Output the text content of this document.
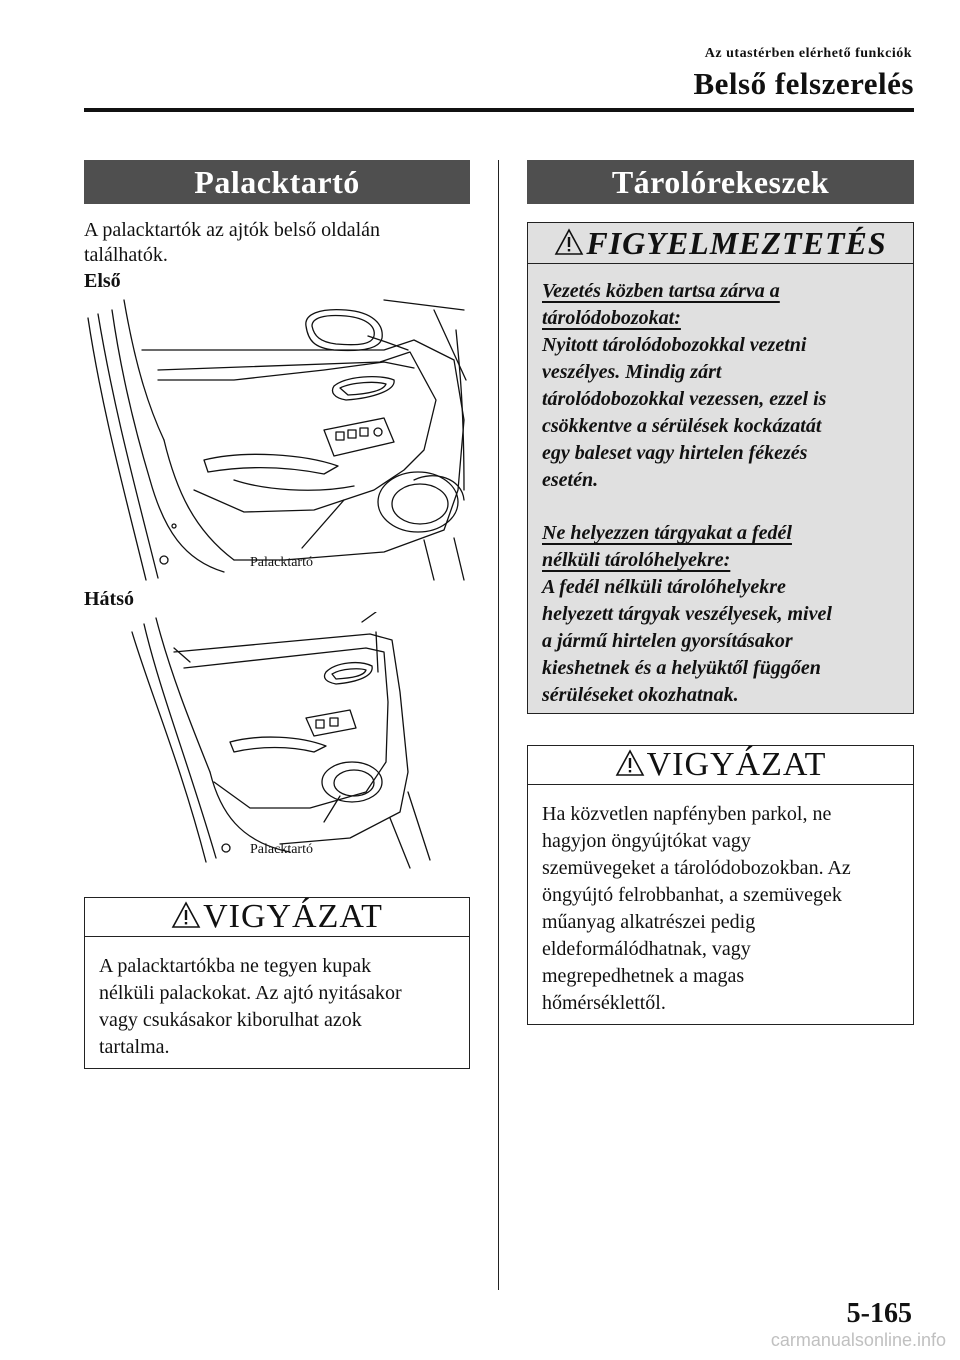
Az utastérben elérhető funkciók
Belső felszerelés
Palacktartó
A palacktartók az ajtók belső oldalán
találhatók.
Első
Palacktartó
Hátsó
Palacktartó
VIGYÁZAT
A palacktartókba ne tegyen kupak
nélküli palackokat. Az ajtó nyitásakor
vagy csukásakor kiborulhat azok
tartalma.
Tárolórekeszek
FIGYELMEZTETÉS
Vezetés közben tartsa zárva a
tárolódobozokat:
Nyitott tárolódobozokkal vezetni
veszélyes. Mindig zárt
tárolódobozokkal vezessen, ezzel is
csökkentve a sérülések kockázatát
egy baleset vagy hirtelen fékezés
esetén.
Ne helyezzen tárgyakat a fedél
nélküli tárolóhelyekre:
A fedél nélküli tárolóhelyekre
helyezett tárgyak veszélyesek, mivel
a jármű hirtelen gyorsításakor
kieshetnek és a helyüktől függően
sérüléseket okozhatnak.
VIGYÁZAT
Ha közvetlen napfényben parkol, ne
hagyjon öngyújtókat vagy
szemüvegeket a tárolódobozokban. Az
öngyújtó felrobbanhat, a szemüvegek
műanyag alkatrészei pedig
eldeformálódhatnak, vagy
megrepedhetnek a magas
hőmérséklettől.
5-165
carmanualsonline.info
